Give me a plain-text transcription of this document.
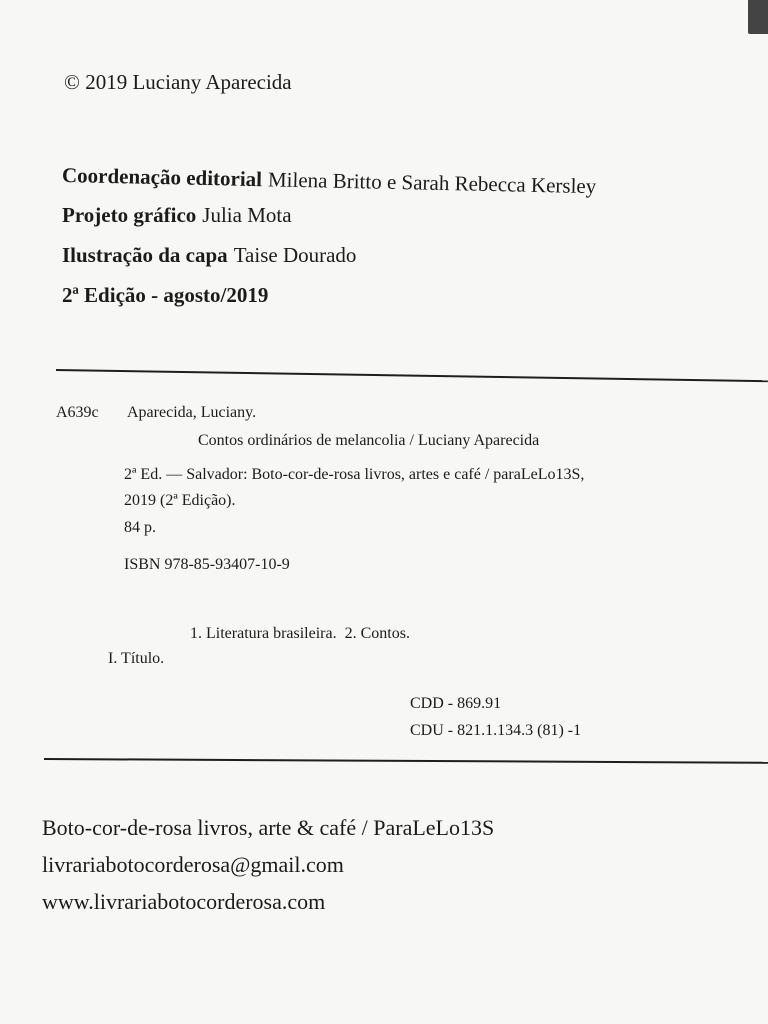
© 2019 Luciany Aparecida
Coordenação editorial Milena Britto e Sarah Rebecca Kersley
Projeto gráfico Julia Mota
Ilustração da capa Taise Dourado
2ª Edição - agosto/2019
A639c Aparecida, Luciany.
Contos ordinários de melancolia / Luciany Aparecida
2ª Ed. — Salvador: Boto-cor-de-rosa livros, artes e café / paraLeLo13S,
2019 (2ª Edição).
84 p.
ISBN 978-85-93407-10-9
1. Literatura brasileira. 2. Contos.
I. Título.
CDD - 869.91
CDU - 821.1.134.3 (81) -1
Boto-cor-de-rosa livros, arte & café / ParaLeLo13S
livrariabotocorderosa@gmail.com
www.livrariabotocorderosa.com
